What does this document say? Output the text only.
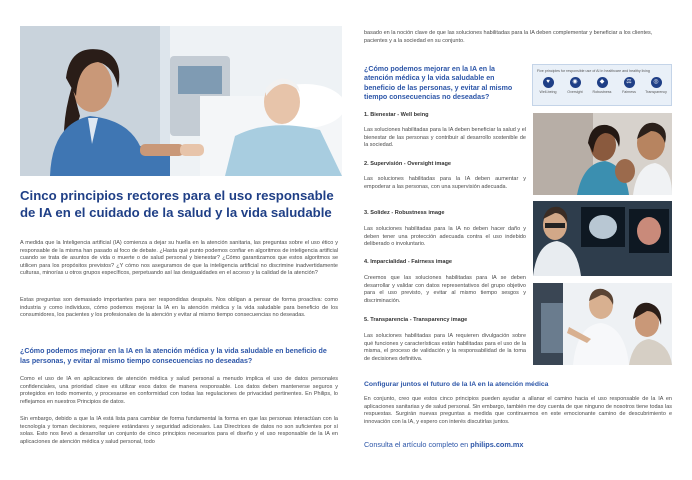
Cinco principios rectores para el uso responsable de IA en el cuidado de la salud y la vida saludable

A medida que la Inteligencia artificial (IA) comienza a dejar su huella en la atención sanitaria, las preguntas sobre el uso ético y responsable de la misma han pasado al foco de debate. ¿Hasta qué punto podemos confiar en algoritmos de inteligencia artificial cuando se trata de asuntos de vida o muerte o de salud personal y bienestar? ¿Cómo garantizamos que estos algoritmos se utilicen para los propósitos previstos? ¿Y cómo nos aseguramos de que la inteligencia artificial no discrimine inadvertidamente culturas, minorías u otros grupos específicos, perpetuando así las desigualdades en el acceso y la calidad de la atención?

Estas preguntas son demasiado importantes para ser respondidas después. Nos obligan a pensar de forma proactiva: como industria y como individuos, cómo podemos mejorar la IA en la atención médica y la vida saludable para beneficio de los consumidores, los pacientes y los profesionales de la atención y evitar al mismo tiempo consecuencias no deseadas.

¿Cómo podemos mejorar en la IA en la atención médica y la vida saludable en beneficio de las personas, y evitar al mismo tiempo consecuencias no deseadas?

Como el uso de IA en aplicaciones de atención médica y salud personal a menudo implica el uso de datos personales confidenciales, una prioridad clave es utilizar esos datos de manera responsable. Los datos deben mantenerse seguros y protegidos en todo momento, y procesarse en conformidad con todas las regulaciones de privacidad pertinentes. En Philips, lo reflejamos en nuestros Principios de datos.

Sin embargo, debido a que la IA está lista para cambiar de forma fundamental la forma en que las personas interactúan con la tecnología y toman decisiones, requiere estándares y seguridad adicionales. Las Directrices de datos no son suficientes por sí solas. Esto nos llevó a desarrollar un conjunto de cinco principios necesarios para el diseño y el uso responsable de la IA en aplicaciones de atención médica y salud personal, todo

basado en la noción clave de que las soluciones habilitadas para la IA deben complementar y beneficiar a los clientes, pacientes y a la sociedad en su conjunto.

¿Cómo podemos mejorar en la IA en la atención médica y la vida saludable en beneficio de las personas, y evitar al mismo tiempo consecuencias no deseadas?

Five principles for responsible use of AI in healthcare and healthy living

♥
Well-being
◉
Oversight
◆
Robustness
⚖
Fairness
◎
Transparency
1. Bienestar - Well being

Las soluciones habilitadas para la IA deben beneficiar la salud y el bienestar de las personas y contribuir al desarrollo sostenible de la sociedad.

2. Supervisión - Oversight image

Las soluciones habilitadas para la IA deben aumentar y empoderar a las personas, con una supervisión adecuada.

3. Solidez - Robustness image

Las soluciones habilitadas para la IA no deben hacer daño y deben tener una protección adecuada contra el uso indebido deliberado o involuntario.

4. Imparcialidad - Fairness image

Creemos que las soluciones habilitadas para IA se deben desarrollar y validar con datos representativos del grupo objetivo para el uso previsto, y evitar al mismo tiempo sesgos y discriminación.

5. Transparencia - Transparency image

Las soluciones habilitadas para IA requieren divulgación sobre qué funciones y características están habilitadas para el uso de la misma, el proceso de validación y la responsabilidad de la toma de decisiones definitiva.

Configurar juntos el futuro de la IA en la atención médica

En conjunto, creo que estos cinco principios pueden ayudar a allanar el camino hacia el uso responsable de la IA en aplicaciones sanitarias y de salud personal. Sin embargo, también me doy cuenta de que ninguno de nosotros tiene todas las respuestas. Surgirán nuevas preguntas a medida que continuemos en este emocionante camino de descubrimiento e innovación con la IA, y espero con interés discutirlas juntos.

Consulta el artículo completo en philips.com.mx
